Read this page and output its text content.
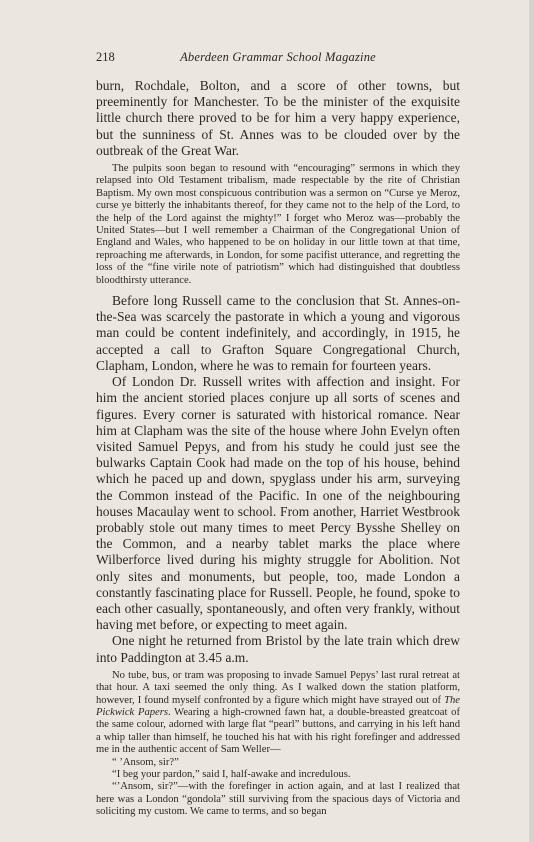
218	Aberdeen Grammar School Magazine

burn, Rochdale, Bolton, and a score of other towns, but preeminently for Manchester. To be the minister of the exquisite little church there proved to be for him a very happy experience, but the sunniness of St. Annes was to be clouded over by the outbreak of the Great War.

The pulpits soon began to resound with “encouraging” sermons in which they relapsed into Old Testament tribalism, made respectable by the rite of Christian Baptism. My own most conspicuous contribution was a sermon on “Curse ye Meroz, curse ye bitterly the inhabitants thereof, for they came not to the help of the Lord, to the help of the Lord against the mighty!” I forget who Meroz was—probably the United States—but I well remember a Chairman of the Congregational Union of England and Wales, who happened to be on holiday in our little town at that time, reproaching me afterwards, in London, for some pacifist utterance, and regretting the loss of the “fine virile note of patriotism” which had distinguished that doubtless bloodthirsty utterance.

Before long Russell came to the conclusion that St. Annes-on-the-Sea was scarcely the pastorate in which a young and vigorous man could be content indefinitely, and accordingly, in 1915, he accepted a call to Grafton Square Congregational Church, Clapham, London, where he was to remain for fourteen years.

Of London Dr. Russell writes with affection and insight. For him the ancient storied places conjure up all sorts of scenes and figures. Every corner is saturated with historical romance. Near him at Clapham was the site of the house where John Evelyn often visited Samuel Pepys, and from his study he could just see the bulwarks Captain Cook had made on the top of his house, behind which he paced up and down, spyglass under his arm, surveying the Common instead of the Pacific. In one of the neighbouring houses Macaulay went to school. From another, Harriet Westbrook probably stole out many times to meet Percy Bysshe Shelley on the Common, and a nearby tablet marks the place where Wilberforce lived during his mighty struggle for Abolition. Not only sites and monuments, but people, too, made London a constantly fascinating place for Russell. People, he found, spoke to each other casually, spontaneously, and often very frankly, without having met before, or expecting to meet again.

One night he returned from Bristol by the late train which drew into Paddington at 3.45 a.m.

No tube, bus, or tram was proposing to invade Samuel Pepys’ last rural retreat at that hour. A taxi seemed the only thing. As I walked down the station platform, however, I found myself confronted by a figure which might have strayed out of The Pickwick Papers. Wearing a high-crowned fawn hat, a double-breasted greatcoat of the same colour, adorned with large flat “pearl” buttons, and carrying in his left hand a whip taller than himself, he touched his hat with his right forefinger and addressed me in the authentic accent of Sam Weller—

“ ’Ansom, sir?”

“I beg your pardon,” said I, half-awake and incredulous.

“’Ansom, sir?”—with the forefinger in action again, and at last I realized that here was a London “gondola” still surviving from the spacious days of Victoria and soliciting my custom. We came to terms, and so began
